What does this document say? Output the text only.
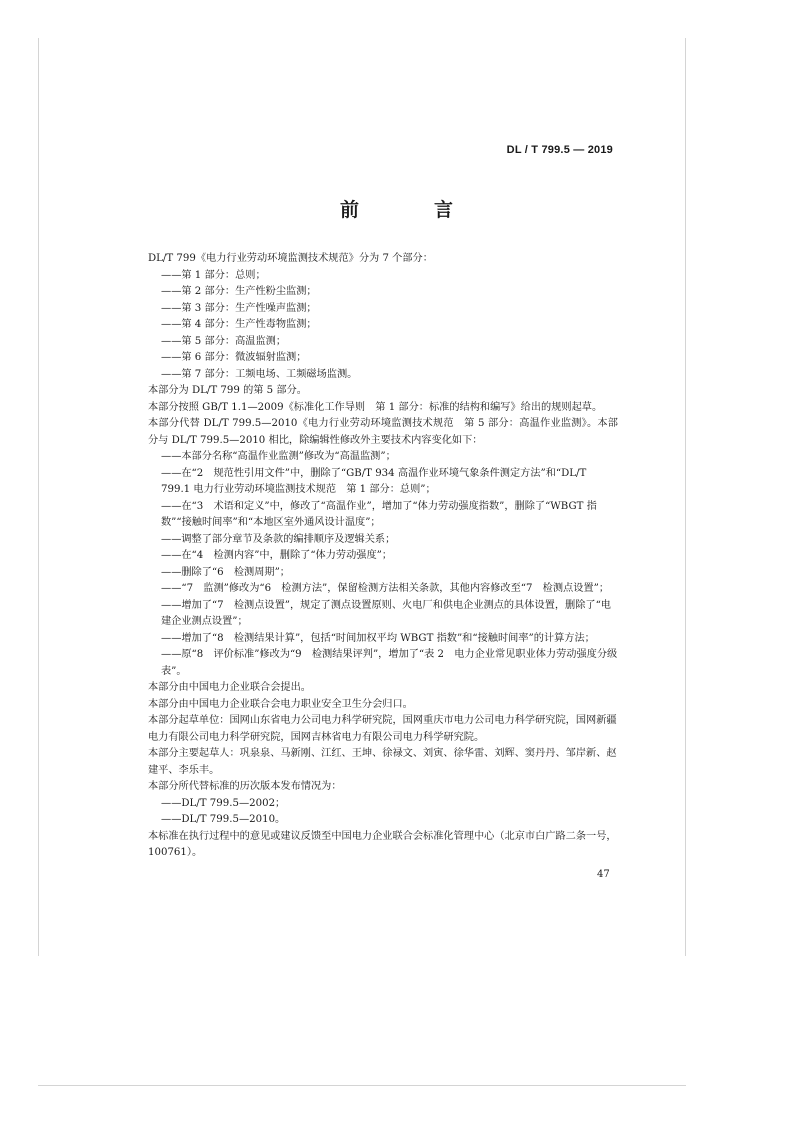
DL / T 799.5 — 2019
前　言

DL/T 799《电力行业劳动环境监测技术规范》分为 7 个部分：

——第 1 部分：总则；

——第 2 部分：生产性粉尘监测；

——第 3 部分：生产性噪声监测；

——第 4 部分：生产性毒物监测；

——第 5 部分：高温监测；

——第 6 部分：微波辐射监测；

——第 7 部分：工频电场、工频磁场监测。

本部分为 DL/T 799 的第 5 部分。

本部分按照 GB/T 1.1—2009《标准化工作导则　第 1 部分：标准的结构和编写》给出的规则起草。

本部分代替 DL/T 799.5—2010《电力行业劳动环境监测技术规范　第 5 部分：高温作业监测》。本部分与 DL/T 799.5—2010 相比，除编辑性修改外主要技术内容变化如下：

——本部分名称“高温作业监测”修改为“高温监测”；

——在“2　规范性引用文件”中，删除了“GB/T 934 高温作业环境气象条件测定方法”和“DL/T 799.1 电力行业劳动环境监测技术规范　第 1 部分：总则”；

——在“3　术语和定义”中，修改了“高温作业”，增加了“体力劳动强度指数”，删除了“WBGT 指数”“接触时间率”和“本地区室外通风设计温度”；

——调整了部分章节及条款的编排顺序及逻辑关系；

——在“4　检测内容”中，删除了“体力劳动强度”；

——删除了“6　检测周期”；

——“7　监测”修改为“6　检测方法”，保留检测方法相关条款，其他内容修改至“7　检测点设置”；

——增加了“7　检测点设置”，规定了测点设置原则、火电厂和供电企业测点的具体设置，删除了“电建企业测点设置”；

——增加了“8　检测结果计算”，包括“时间加权平均 WBGT 指数”和“接触时间率”的计算方法；

——原“8　评价标准”修改为“9　检测结果评判”，增加了“表 2　电力企业常见职业体力劳动强度分级表”。

本部分由中国电力企业联合会提出。

本部分由中国电力企业联合会电力职业安全卫生分会归口。

本部分起草单位：国网山东省电力公司电力科学研究院，国网重庆市电力公司电力科学研究院，国网新疆电力有限公司电力科学研究院，国网吉林省电力有限公司电力科学研究院。

本部分主要起草人：巩泉泉、马新刚、江红、王坤、徐禄文、刘寅、徐华雷、刘辉、窦丹丹、邹岸新、赵建平、李乐丰。

本部分所代替标准的历次版本发布情况为：

——DL/T 799.5—2002；

——DL/T 799.5—2010。

本标准在执行过程中的意见或建议反馈至中国电力企业联合会标准化管理中心（北京市白广路二条一号，100761）。

47
